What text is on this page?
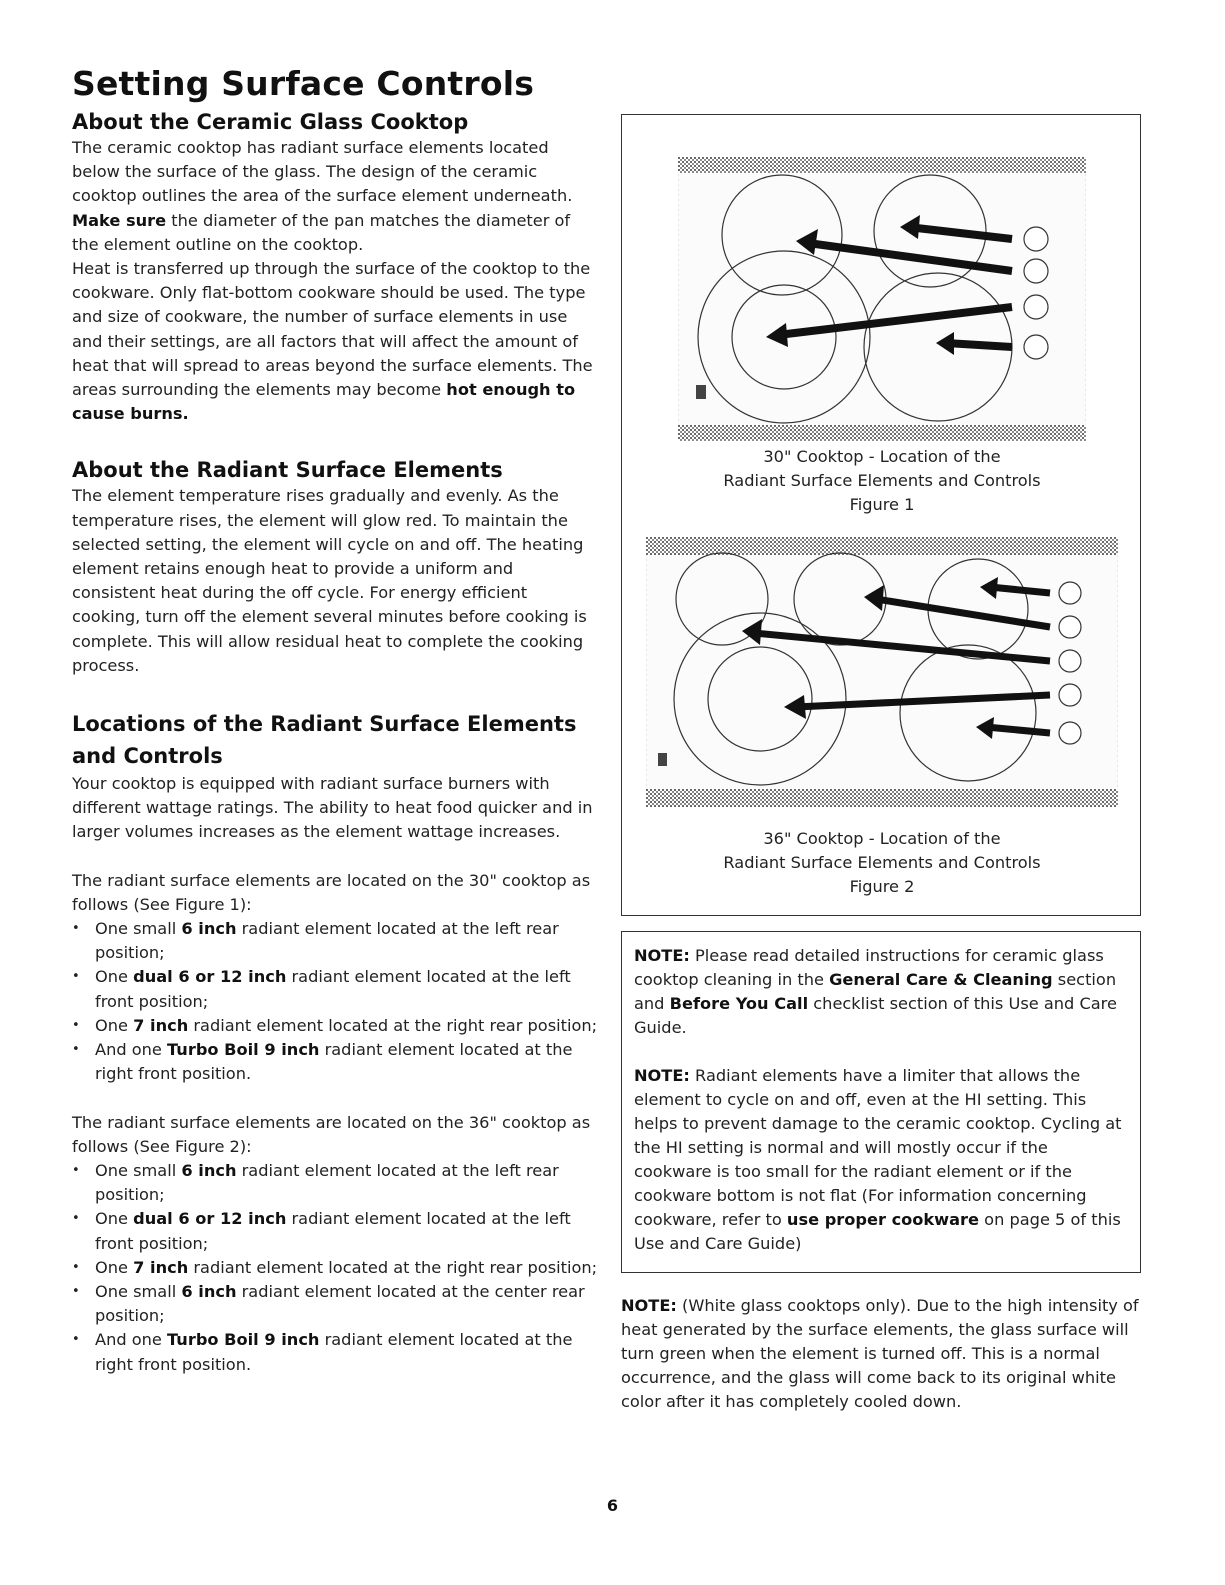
Setting Surface Controls
About the Ceramic Glass Cooktop

The ceramic cooktop has radiant surface elements located below the surface of the glass. The design of the ceramic cooktop outlines the area of the surface element underneath. Make sure the diameter of the pan matches the diameter of the element outline on the cooktop.

Heat is transferred up through the surface of the cooktop to the cookware. Only flat-bottom cookware should be used. The type and size of cookware, the number of surface elements in use and their settings, are all factors that will affect the amount of heat that will spread to areas beyond the surface elements. The areas surrounding the elements may become hot enough to cause burns.

About the Radiant Surface Elements

The element temperature rises gradually and evenly. As the temperature rises, the element will glow red. To maintain the selected setting, the element will cycle on and off. The heating element retains enough heat to provide a uniform and consistent heat during the off cycle. For energy efficient cooking, turn off the element several minutes before cooking is complete. This will allow residual heat to complete the cooking process.

Locations of the Radiant Surface Elements and Controls

Your cooktop is equipped with radiant surface burners with different wattage ratings. The ability to heat food quicker and in larger volumes increases as the element wattage increases.

The radiant surface elements are located on the 30" cooktop as follows (See Figure 1):

• One small 6 inch radiant element located at the left rear position;
• One dual 6 or 12 inch radiant element located at the left front position;
• One 7 inch radiant element located at the right rear position;
• And one Turbo Boil 9 inch radiant element located at the right front position.

The radiant surface elements are located on the 36" cooktop as follows (See Figure 2):

• One small 6 inch radiant element located at the left rear position;
• One dual 6 or 12 inch radiant element located at the left front position;
• One 7 inch radiant element located at the right rear position;
• One small 6 inch radiant element located at the center rear position;
• And one Turbo Boil 9 inch radiant element located at the right front position.
30" Cooktop - Location of the
Radiant Surface Elements and Controls
Figure 1
36" Cooktop - Location of the
Radiant Surface Elements and Controls
Figure 2

NOTE: Please read detailed instructions for ceramic glass cooktop cleaning in the General Care & Cleaning section and Before You Call checklist section of this Use and Care Guide.

NOTE: Radiant elements have a limiter that allows the element to cycle on and off, even at the HI setting. This helps to prevent damage to the ceramic cooktop. Cycling at the HI setting is normal and will mostly occur if the cookware is too small for the radiant element or if the cookware bottom is not flat (For information concerning cookware, refer to use proper cookware on page 5 of this Use and Care Guide)

NOTE: (White glass cooktops only). Due to the high intensity of heat generated by the surface elements, the glass surface will turn green when the element is turned off. This is a normal occurrence, and the glass will come back to its original white color after it has completely cooled down.

6
